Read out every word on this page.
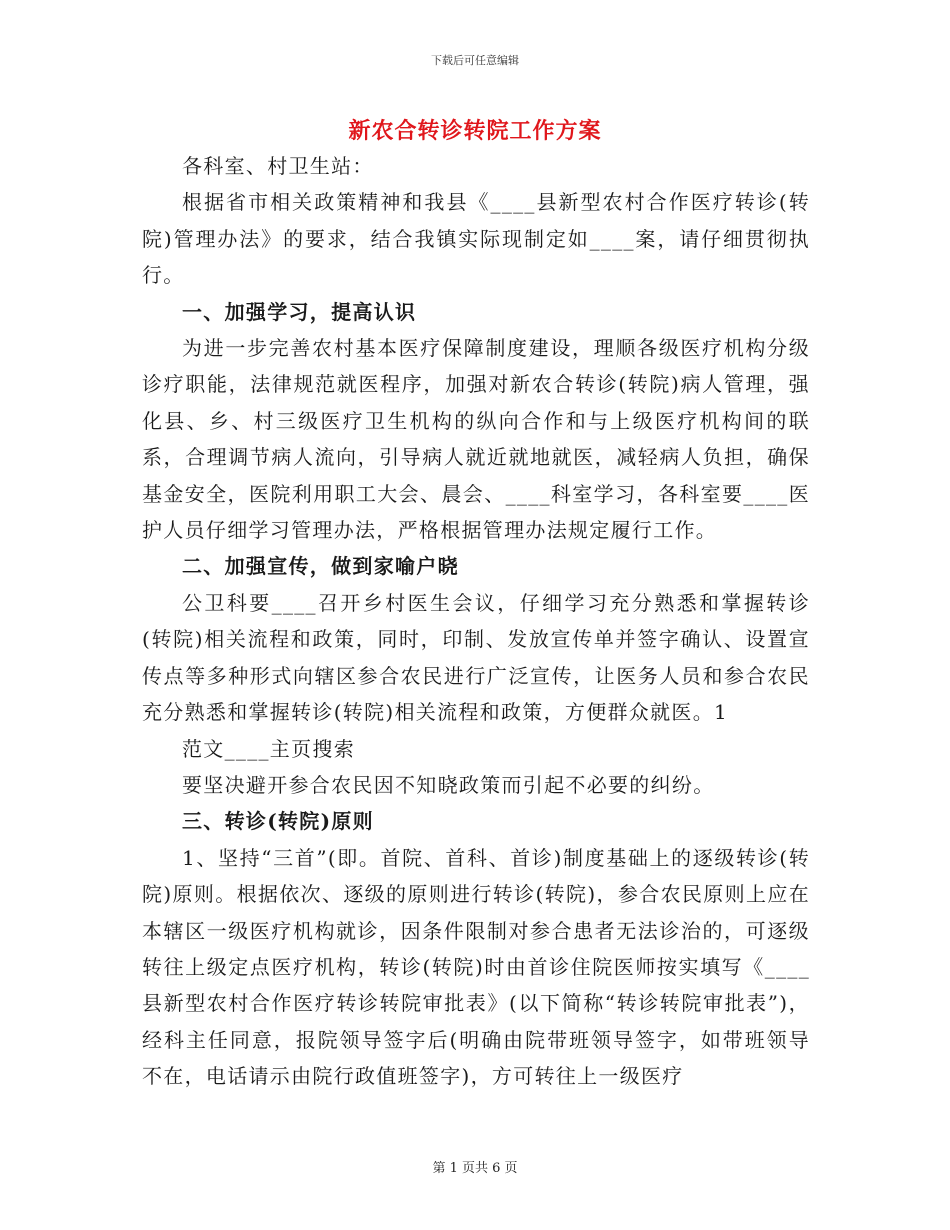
下载后可任意编辑
新农合转诊转院工作方案

各科室、村卫生站：

根据省市相关政策精神和我县《____县新型农村合作医疗转诊(转院)管理办法》的要求，结合我镇实际现制定如____案，请仔细贯彻执行。

一、加强学习，提高认识

为进一步完善农村基本医疗保障制度建设，理顺各级医疗机构分级诊疗职能，法律规范就医程序，加强对新农合转诊(转院)病人管理，强化县、乡、村三级医疗卫生机构的纵向合作和与上级医疗机构间的联系，合理调节病人流向，引导病人就近就地就医，减轻病人负担，确保基金安全，医院利用职工大会、晨会、____科室学习，各科室要____医护人员仔细学习管理办法，严格根据管理办法规定履行工作。

二、加强宣传，做到家喻户晓

公卫科要____召开乡村医生会议，仔细学习充分熟悉和掌握转诊(转院)相关流程和政策，同时，印制、发放宣传单并签字确认、设置宣传点等多种形式向辖区参合农民进行广泛宣传，让医务人员和参合农民充分熟悉和掌握转诊(转院)相关流程和政策，方便群众就医。1

范文____主页搜索

要坚决避开参合农民因不知晓政策而引起不必要的纠纷。

三、转诊(转院)原则

1、坚持“三首”(即。首院、首科、首诊)制度基础上的逐级转诊(转院)原则。根据依次、逐级的原则进行转诊(转院)，参合农民原则上应在本辖区一级医疗机构就诊，因条件限制对参合患者无法诊治的，可逐级转往上级定点医疗机构，转诊(转院)时由首诊住院医师按实填写《____县新型农村合作医疗转诊转院审批表》(以下简称“转诊转院审批表”)，经科主任同意，报院领导签字后(明确由院带班领导签字，如带班领导不在，电话请示由院行政值班签字)，方可转往上一级医疗

第 1 页共 6 页
